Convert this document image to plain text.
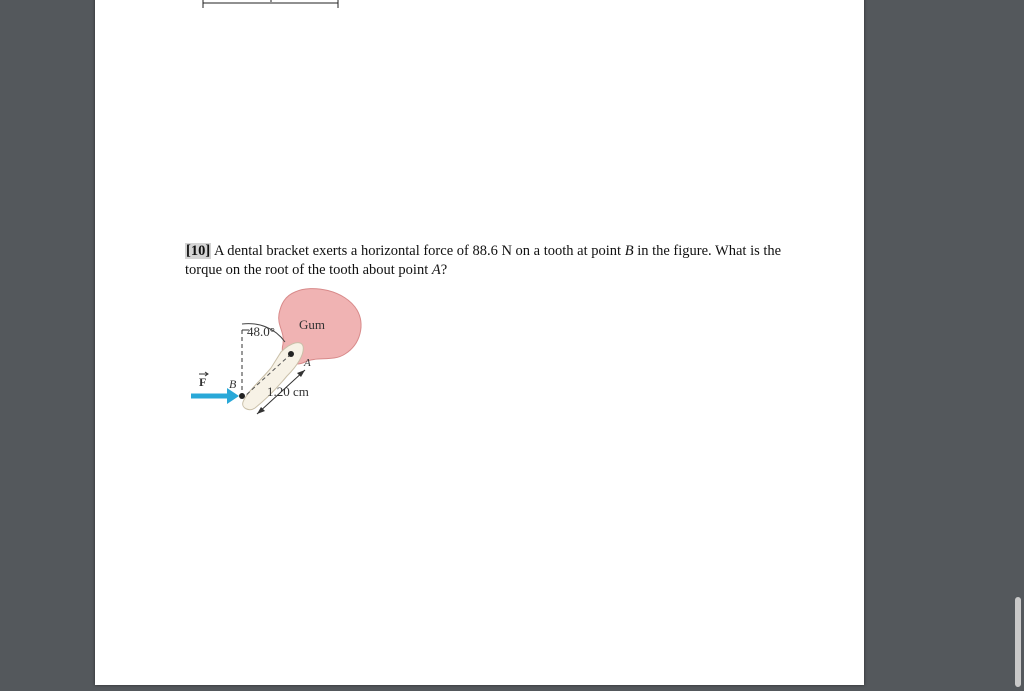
[10] A dental bracket exerts a horizontal force of 88.6 N on a tooth at point B in the figure. What is the torque on the root of the tooth about point A?
Gum
48.0°
A
B 1.20 cm
F
